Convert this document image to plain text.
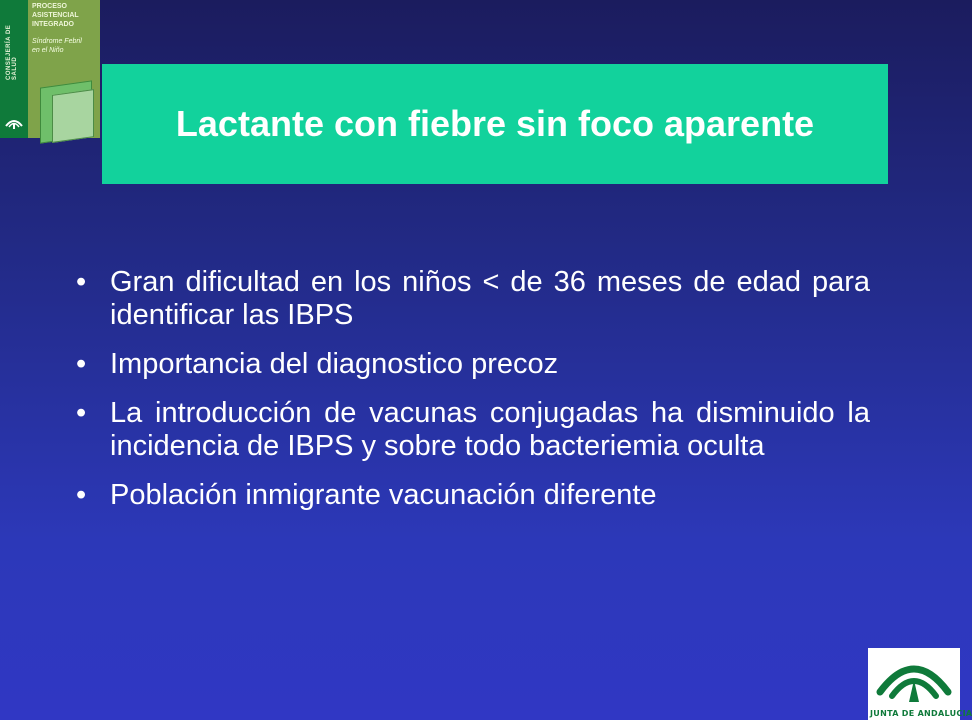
CONSEJERÍA DE SALUD
PROCESO
ASISTENCIAL
INTEGRADO
Síndrome Febril
en el Niño
Lactante con fiebre sin foco aparente
• Gran dificultad en los niños < de 36 meses de edad para identificar las IBPS
• Importancia del diagnostico precoz
• La introducción de vacunas conjugadas ha disminuido la incidencia de IBPS y sobre todo bacteriemia oculta
• Población inmigrante vacunación diferente
JUNTA DE ANDALUCIA
